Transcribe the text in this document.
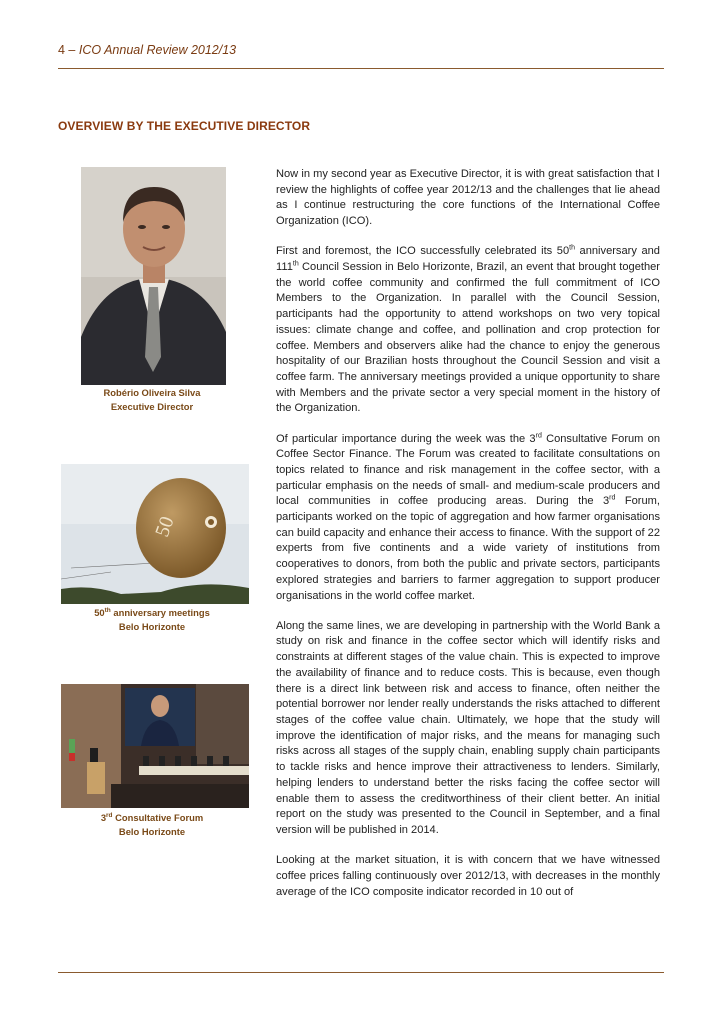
4 – ICO Annual Review 2012/13
OVERVIEW BY THE EXECUTIVE DIRECTOR
Robério Oliveira Silva
Executive Director
50
50th anniversary meetings
Belo Horizonte
3rd Consultative Forum
Belo Horizonte

Now in my second year as Executive Director, it is with great satisfaction that I review the highlights of coffee year 2012/13 and the challenges that lie ahead as I continue restructuring the core functions of the International Coffee Organization (ICO).

First and foremost, the ICO successfully celebrated its 50th anniversary and 111th Council Session in Belo Horizonte, Brazil, an event that brought together the world coffee community and confirmed the full commitment of ICO Members to the Organization. In parallel with the Council Session, participants had the opportunity to attend workshops on two very topical issues: climate change and coffee, and pollination and crop protection for coffee. Members and observers alike had the chance to enjoy the generous hospitality of our Brazilian hosts throughout the Council Session and visit a coffee farm. The anniversary meetings provided a unique opportunity to share with Members and the private sector a very special moment in the history of the Organization.

Of particular importance during the week was the 3rd Consultative Forum on Coffee Sector Finance. The Forum was created to facilitate consultations on topics related to finance and risk management in the coffee sector, with a particular emphasis on the needs of small- and medium-scale producers and local communities in coffee producing areas. During the 3rd Forum, participants worked on the topic of aggregation and how farmer organisations can build capacity and enhance their access to finance. With the support of 22 experts from five continents and a wide variety of institutions from cooperatives to donors, from both the public and private sectors, participants explored strategies and barriers to farmer aggregation to support producer organisations in the world coffee market.

Along the same lines, we are developing in partnership with the World Bank a study on risk and finance in the coffee sector which will identify risks and constraints at different stages of the value chain. This is expected to improve the availability of finance and to reduce costs. This is because, even though there is a direct link between risk and access to finance, often neither the potential borrower nor lender really understands the risks attached to different stages of the coffee value chain. Ultimately, we hope that the study will improve the identification of major risks, and the means for managing such risks across all stages of the supply chain, enabling supply chain participants to tackle risks and hence improve their attractiveness to lenders. Similarly, helping lenders to understand better the risks facing the coffee sector will enable them to assess the creditworthiness of their client better. An initial report on the study was presented to the Council in September, and a final version will be published in 2014.

Looking at the market situation, it is with concern that we have witnessed coffee prices falling continuously over 2012/13, with decreases in the monthly average of the ICO composite indicator recorded in 10 out of
